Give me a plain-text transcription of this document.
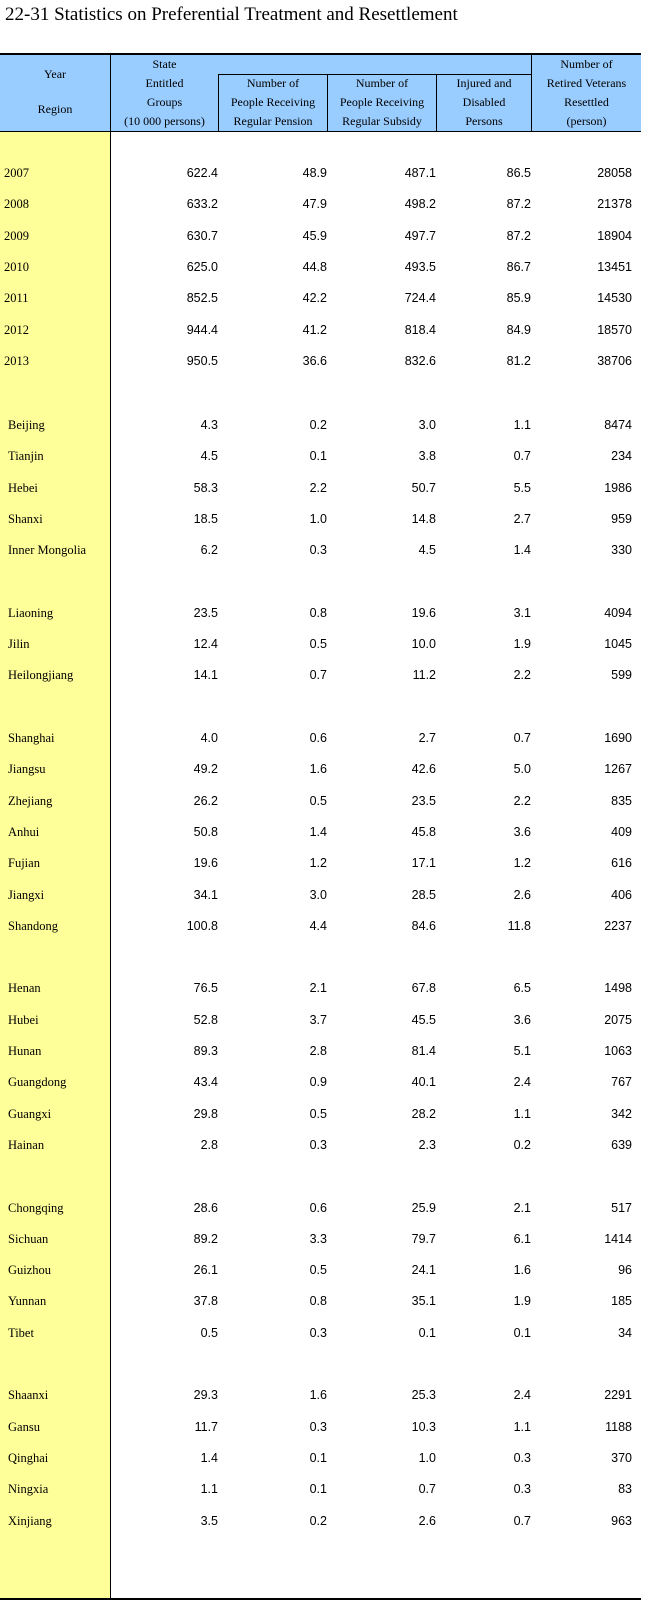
22-31 Statistics on Preferential Treatment and Resettlement
Year
Region
State
Entitled
Groups
(10 000 persons)
Number of
People Receiving
Regular Pension
Number of
People Receiving
Regular Subsidy
Injured and
Disabled
Persons
Number of
Retired Veterans
Resettled
(person)
2007	622.4	48.9	487.1	86.5	28058
2008	633.2	47.9	498.2	87.2	21378
2009	630.7	45.9	497.7	87.2	18904
2010	625.0	44.8	493.5	86.7	13451
2011	852.5	42.2	724.4	85.9	14530
2012	944.4	41.2	818.4	84.9	18570
2013	950.5	36.6	832.6	81.2	38706
Beijing	4.3	0.2	3.0	1.1	8474
Tianjin	4.5	0.1	3.8	0.7	234
Hebei	58.3	2.2	50.7	5.5	1986
Shanxi	18.5	1.0	14.8	2.7	959
Inner Mongolia	6.2	0.3	4.5	1.4	330
Liaoning	23.5	0.8	19.6	3.1	4094
Jilin	12.4	0.5	10.0	1.9	1045
Heilongjiang	14.1	0.7	11.2	2.2	599
Shanghai	4.0	0.6	2.7	0.7	1690
Jiangsu	49.2	1.6	42.6	5.0	1267
Zhejiang	26.2	0.5	23.5	2.2	835
Anhui	50.8	1.4	45.8	3.6	409
Fujian	19.6	1.2	17.1	1.2	616
Jiangxi	34.1	3.0	28.5	2.6	406
Shandong	100.8	4.4	84.6	11.8	2237
Henan	76.5	2.1	67.8	6.5	1498
Hubei	52.8	3.7	45.5	3.6	2075
Hunan	89.3	2.8	81.4	5.1	1063
Guangdong	43.4	0.9	40.1	2.4	767
Guangxi	29.8	0.5	28.2	1.1	342
Hainan	2.8	0.3	2.3	0.2	639
Chongqing	28.6	0.6	25.9	2.1	517
Sichuan	89.2	3.3	79.7	6.1	1414
Guizhou	26.1	0.5	24.1	1.6	96
Yunnan	37.8	0.8	35.1	1.9	185
Tibet	0.5	0.3	0.1	0.1	34
Shaanxi	29.3	1.6	25.3	2.4	2291
Gansu	11.7	0.3	10.3	1.1	1188
Qinghai	1.4	0.1	1.0	0.3	370
Ningxia	1.1	0.1	0.7	0.3	83
Xinjiang	3.5	0.2	2.6	0.7	963
